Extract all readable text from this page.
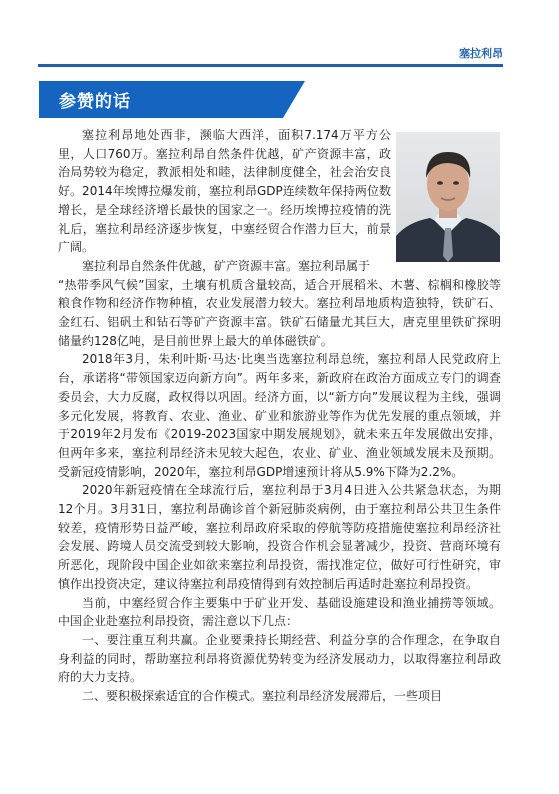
塞拉利昂
参赞的话

塞拉利昂地处西非，濒临大西洋，面积7.174万平方公里，人口760万。塞拉利昂自然条件优越，矿产资源丰富，政治局势较为稳定，教派相处和睦，法律制度健全，社会治安良好。2014年埃博拉爆发前，塞拉利昂GDP连续数年保持两位数增长，是全球经济增长最快的国家之一。经历埃博拉疫情的洗礼后，塞拉利昂经济逐步恢复，中塞经贸合作潜力巨大，前景广阔。

塞拉利昂自然条件优越，矿产资源丰富。塞拉利昂属于

“热带季风气候”国家，土壤有机质含量较高，适合开展稻米、木薯、棕榈和橡胶等粮食作物和经济作物种植，农业发展潜力较大。塞拉利昂地质构造独特，铁矿石、金红石、铝矾土和钻石等矿产资源丰富。铁矿石储量尤其巨大，唐克里里铁矿探明储量约128亿吨，是目前世界上最大的单体磁铁矿。

2018年3月，朱利叶斯·马达·比奥当选塞拉利昂总统，塞拉利昂人民党政府上台，承诺将“带领国家迈向新方向”。两年多来，新政府在政治方面成立专门的调查委员会，大力反腐，政权得以巩固。经济方面，以“新方向”发展议程为主线，强调多元化发展，将教育、农业、渔业、矿业和旅游业等作为优先发展的重点领域，并于2019年2月发布《2019-2023国家中期发展规划》，就未来五年发展做出安排，但两年多来，塞拉利昂经济未见较大起色，农业、矿业、渔业领域发展未及预期。受新冠疫情影响，2020年，塞拉利昂GDP增速预计将从5.9%下降为2.2%。

2020年新冠疫情在全球流行后，塞拉利昂于3月4日进入公共紧急状态，为期12个月。3月31日，塞拉利昂确诊首个新冠肺炎病例，由于塞拉利昂公共卫生条件较差，疫情形势日益严峻，塞拉利昂政府采取的停航等防疫措施使塞拉利昂经济社会发展、跨境人员交流受到较大影响，投资合作机会显著减少，投资、营商环境有所恶化，现阶段中国企业如欲来塞拉利昂投资，需找准定位，做好可行性研究，审慎作出投资决定，建议待塞拉利昂疫情得到有效控制后再适时赴塞拉利昂投资。

当前，中塞经贸合作主要集中于矿业开发、基础设施建设和渔业捕捞等领域。中国企业赴塞拉利昂投资，需注意以下几点：

一、要注重互利共赢。企业要秉持长期经营、利益分享的合作理念，在争取自身利益的同时，帮助塞拉利昂将资源优势转变为经济发展动力，以取得塞拉利昂政府的大力支持。

二、要积极探索适宜的合作模式。塞拉利昂经济发展滞后，一些项目
